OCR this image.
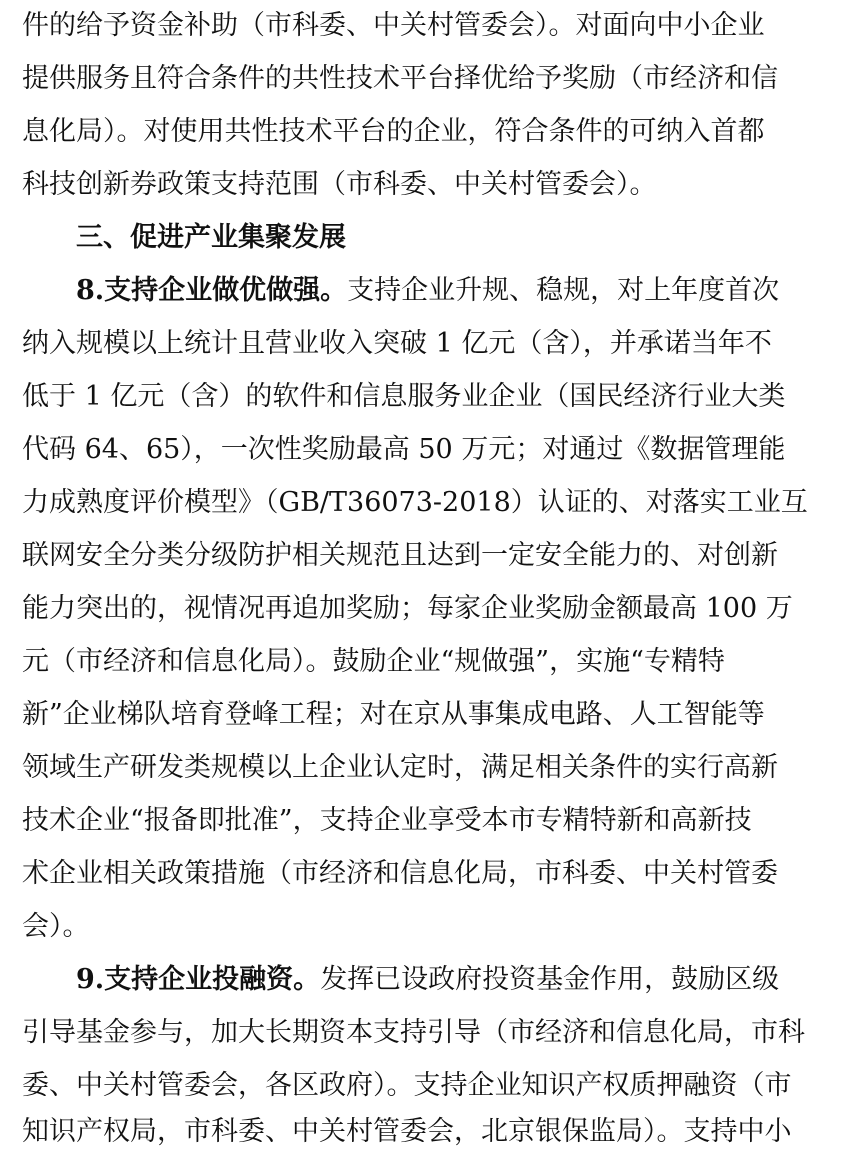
件的给予资金补助（市科委、中关村管委会）。对面向中小企业
提供服务且符合条件的共性技术平台择优给予奖励（市经济和信
息化局）。对使用共性技术平台的企业，符合条件的可纳入首都
科技创新券政策支持范围（市科委、中关村管委会）。
三、促进产业集聚发展
8.支持企业做优做强。支持企业升规、稳规，对上年度首次
纳入规模以上统计且营业收入突破 1 亿元（含），并承诺当年不
低于 1 亿元（含）的软件和信息服务业企业（国民经济行业大类
代码 64、65），一次性奖励最高 50 万元；对通过《数据管理能
力成熟度评价模型》（GB/T36073-2018）认证的、对落实工业互
联网安全分类分级防护相关规范且达到一定安全能力的、对创新
能力突出的，视情况再追加奖励；每家企业奖励金额最高 100 万
元（市经济和信息化局）。鼓励企业“规做强”，实施“专精特
新”企业梯队培育登峰工程；对在京从事集成电路、人工智能等
领域生产研发类规模以上企业认定时，满足相关条件的实行高新
技术企业“报备即批准”，支持企业享受本市专精特新和高新技
术企业相关政策措施（市经济和信息化局，市科委、中关村管委
会）。
9.支持企业投融资。发挥已设政府投资基金作用，鼓励区级
引导基金参与，加大长期资本支持引导（市经济和信息化局，市科
委、中关村管委会，各区政府）。支持企业知识产权质押融资（市
知识产权局，市科委、中关村管委会，北京银保监局）。支持中小
